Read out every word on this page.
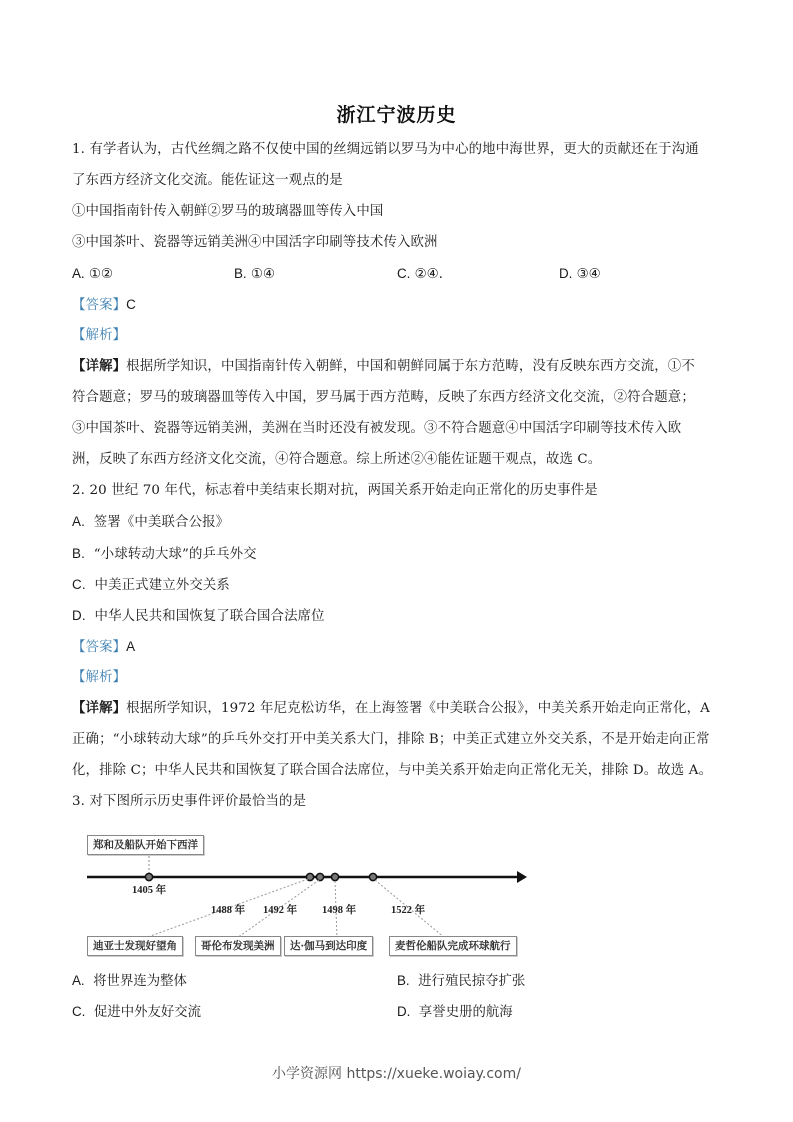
浙江宁波历史
1. 有学者认为，古代丝绸之路不仅使中国的丝绸远销以罗马为中心的地中海世界，更大的贡献还在于沟通
了东西方经济文化交流。能佐证这一观点的是
①中国指南针传入朝鲜②罗马的玻璃器皿等传入中国
③中国茶叶、瓷器等远销美洲④中国活字印刷等技术传入欧洲
A. ①②	B. ①④	C. ②④.	D. ③④
【答案】C
【解析】
【详解】根据所学知识，中国指南针传入朝鲜，中国和朝鲜同属于东方范畴，没有反映东西方交流，①不
符合题意；罗马的玻璃器皿等传入中国，罗马属于西方范畴，反映了东西方经济文化交流，②符合题意；
③中国茶叶、瓷器等远销美洲，美洲在当时还没有被发现。③不符合题意④中国活字印刷等技术传入欧
洲，反映了东西方经济文化交流，④符合题意。综上所述②④能佐证题干观点，故选 C。
2. 20 世纪 70 年代，标志着中美结束长期对抗，两国关系开始走向正常化的历史事件是
A. 签署《中美联合公报》
B. “小球转动大球”的乒乓外交
C. 中美正式建立外交关系
D. 中华人民共和国恢复了联合国合法席位
【答案】A
【解析】
【详解】根据所学知识，1972 年尼克松访华，在上海签署《中美联合公报》，中美关系开始走向正常化，A
正确；“小球转动大球”的乒乓外交打开中美关系大门，排除 B；中美正式建立外交关系，不是开始走向正常
化，排除 C；中华人民共和国恢复了联合国合法席位，与中美关系开始走向正常化无关，排除 D。故选 A。
3. 对下图所示历史事件评价最恰当的是
郑和及船队开始下西洋
1405 年
1488 年 1492 年 1498 年	1522 年
迪亚士发现好望角	哥伦布发现美洲	达·伽马到达印度	麦哲伦船队完成环球航行
A. 将世界连为整体	B. 进行殖民掠夺扩张
C. 促进中外友好交流	D. 享誉史册的航海
小学资源网 https://xueke.woiay.com/
